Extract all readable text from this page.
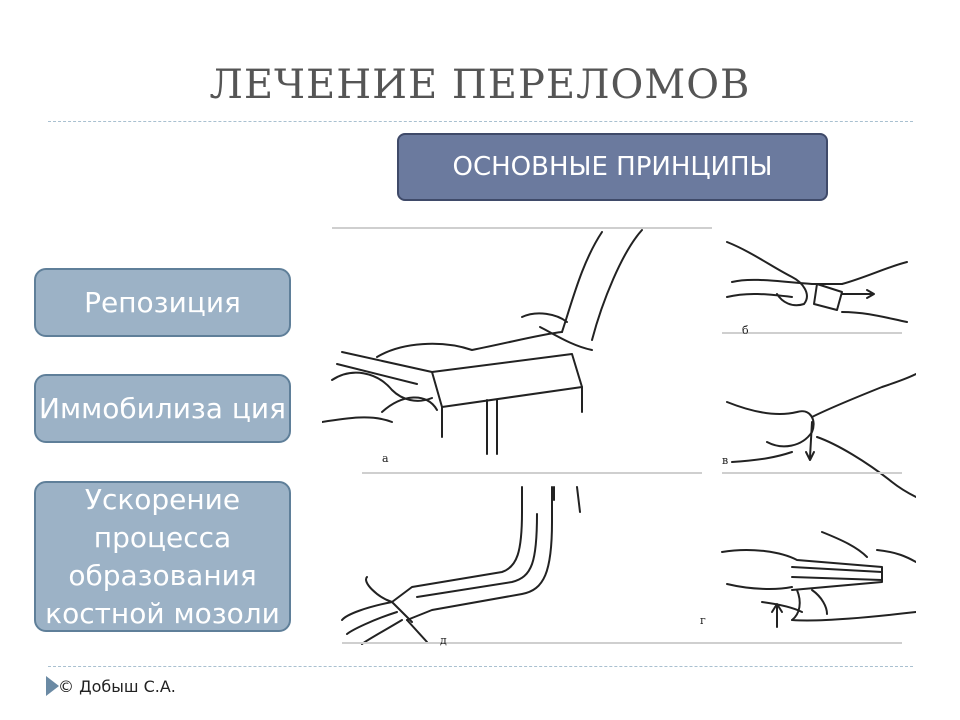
ЛЕЧЕНИЕ ПЕРЕЛОМОВ
ОСНОВНЫЕ ПРИНЦИПЫ
Репозиция
Иммобилиза ция
Ускорение процесса образования костной мозоли
а
б
в
г
д
© Добыш С.А.
